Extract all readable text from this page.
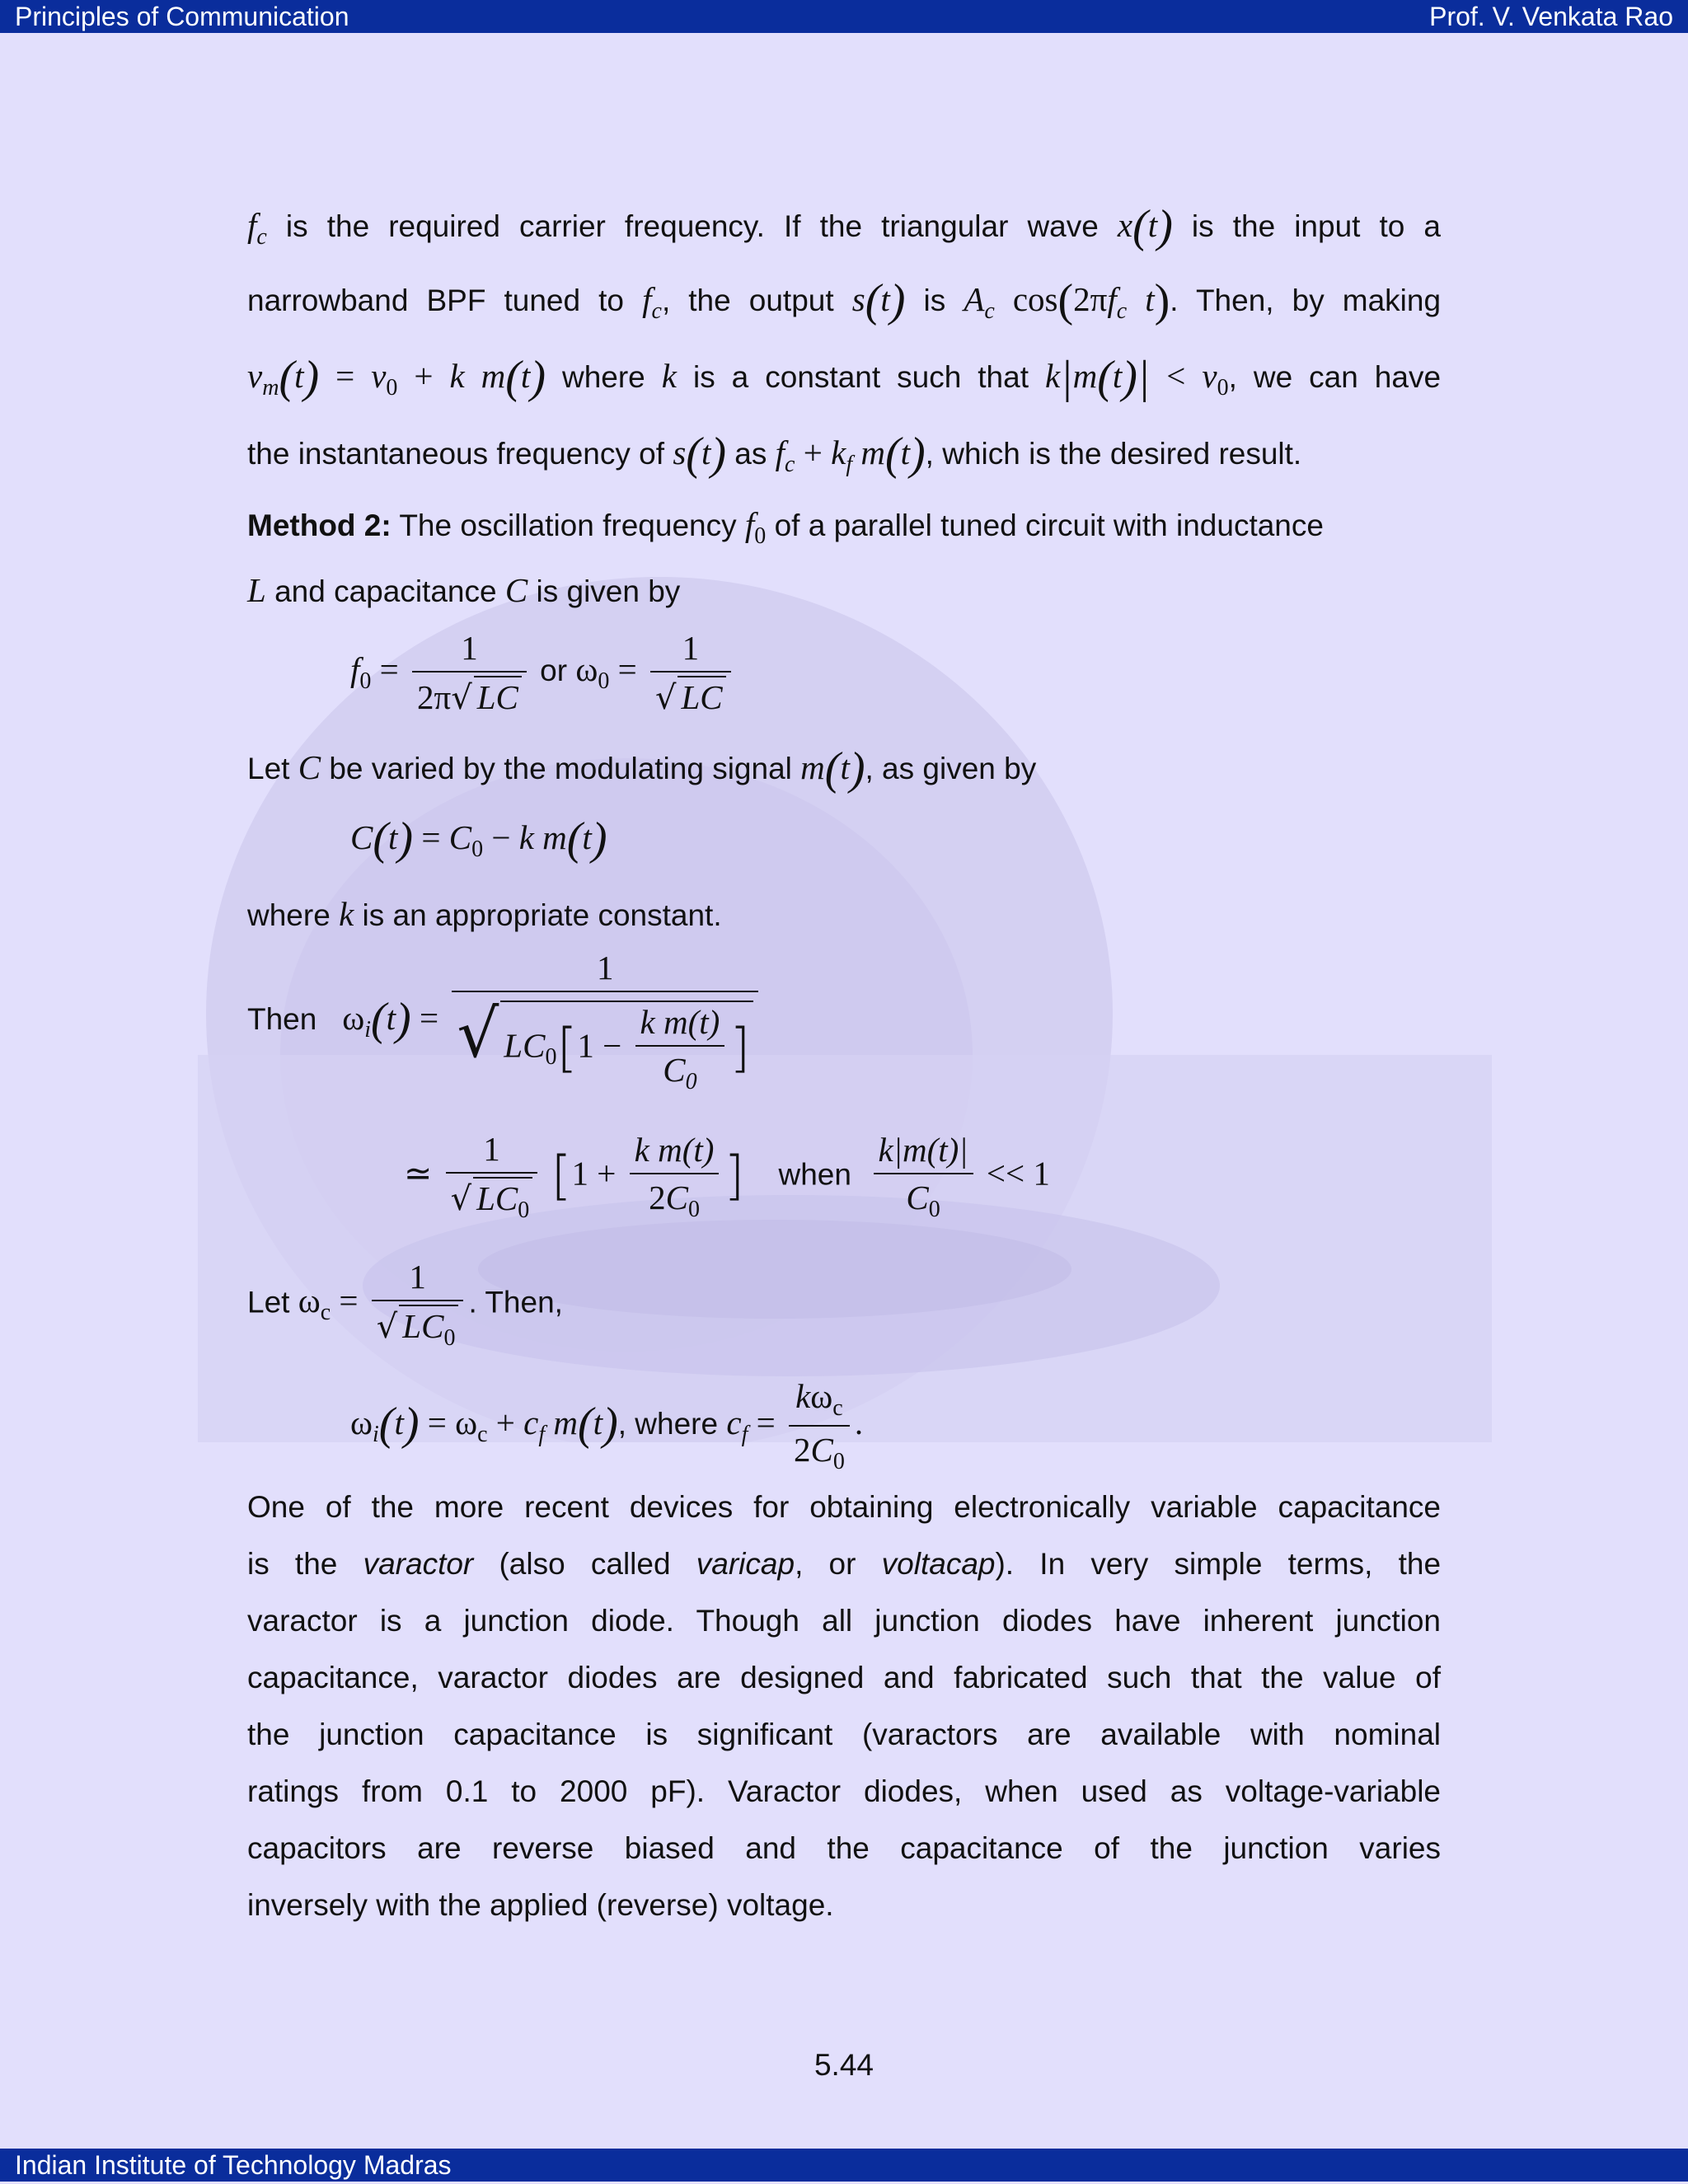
Principles of Communication	Prof. V. Venkata Rao
$f_c$ is the required carrier frequency. If the triangular wave x(t) is the input to a
narrowband BPF tuned to $f_c$, the output s(t) is $A_c$ $\cos(2\pi f_c$ t). Then, by making
$v_m(t) = v_0 + k$ m(t) where k is a constant such that $k|m(t)| < v_0$, we can have
the instantaneous frequency of s(t) as $f_c + k_f$ m(t), which is the desired result.
Method 2: The oscillation frequency $f_0$ of a parallel tuned circuit with inductance
L and capacitance C is given by
$f_0 = \frac{1}{2\pi√ LC}$ or $\omega_0 = \frac{1}{√ LC}$
Let C be varied by the modulating signal m(t), as given by
$C(t) = C_0 - k$ m(t)
where k is an appropriate constant.
Then $\omega_i(t) = \frac{1}{√ LC_0[1 - \frac{\text{k m(t)}}{C_0} ]}$
≃ $\frac{1}{√ LC_0} [1 + \frac{\text{k m(t)}}{2C_0}$ ] when $\frac{k|m(t)|}{C_0} << 1$
Let $\omega_c = \frac{1}{√ LC_0}$ . Then,
$\omega_i(t) = \omega_c + c_f$ m(t), where $c_f = \frac{k\omega_c}{2C_0}$ .
One of the more recent devices for obtaining electronically variable capacitance
is the varactor (also called varicap, or voltacap). In very simple terms, the
varactor is a junction diode. Though all junction diodes have inherent junction
capacitance, varactor diodes are designed and fabricated such that the value of
the junction capacitance is significant (varactors are available with nominal
ratings from 0.1 to 2000 pF). Varactor diodes, when used as voltage-variable
capacitors are reverse biased and the capacitance of the junction varies
inversely with the applied (reverse) voltage.
5.44
Indian Institute of Technology Madras
